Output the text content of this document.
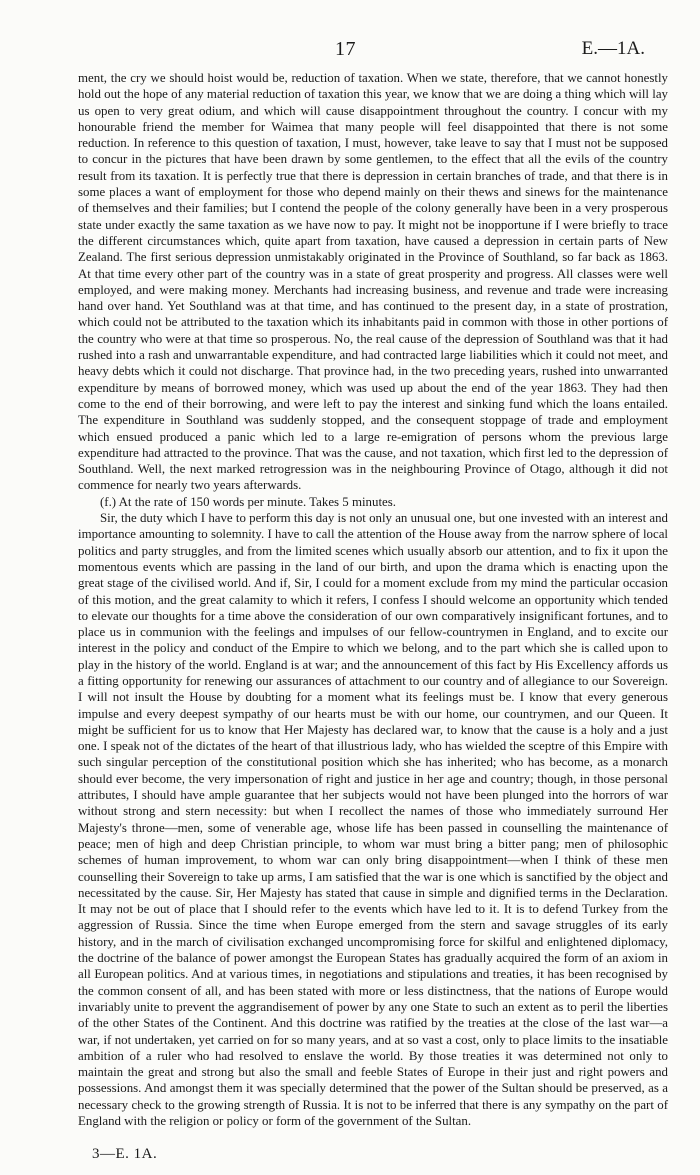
17	E.—1A.

ment, the cry we should hoist would be, reduction of taxation. When we state, therefore, that we cannot honestly hold out the hope of any material reduction of taxation this year, we know that we are doing a thing which will lay us open to very great odium, and which will cause disappointment throughout the country. I concur with my honourable friend the member for Waimea that many people will feel disappointed that there is not some reduction. In reference to this question of taxation, I must, however, take leave to say that I must not be supposed to concur in the pictures that have been drawn by some gentlemen, to the effect that all the evils of the country result from its taxation. It is perfectly true that there is depression in certain branches of trade, and that there is in some places a want of employment for those who depend mainly on their thews and sinews for the maintenance of themselves and their families; but I contend the people of the colony generally have been in a very prosperous state under exactly the same taxation as we have now to pay. It might not be inopportune if I were briefly to trace the different circumstances which, quite apart from taxation, have caused a depression in certain parts of New Zealand. The first serious depression unmistakably originated in the Province of Southland, so far back as 1863. At that time every other part of the country was in a state of great prosperity and progress. All classes were well employed, and were making money. Merchants had increasing business, and revenue and trade were increasing hand over hand. Yet Southland was at that time, and has continued to the present day, in a state of prostration, which could not be attributed to the taxation which its inhabitants paid in common with those in other portions of the country who were at that time so prosperous. No, the real cause of the depression of Southland was that it had rushed into a rash and unwarrantable expenditure, and had contracted large liabilities which it could not meet, and heavy debts which it could not discharge. That province had, in the two preceding years, rushed into unwarranted expenditure by means of borrowed money, which was used up about the end of the year 1863. They had then come to the end of their borrowing, and were left to pay the interest and sinking fund which the loans entailed. The expenditure in Southland was suddenly stopped, and the consequent stoppage of trade and employment which ensued produced a panic which led to a large re-emigration of persons whom the previous large expenditure had attracted to the province. That was the cause, and not taxation, which first led to the depression of Southland. Well, the next marked retrogression was in the neighbouring Province of Otago, although it did not commence for nearly two years afterwards.

(f.) At the rate of 150 words per minute. Takes 5 minutes.

Sir, the duty which I have to perform this day is not only an unusual one, but one invested with an interest and importance amounting to solemnity. I have to call the attention of the House away from the narrow sphere of local politics and party struggles, and from the limited scenes which usually absorb our attention, and to fix it upon the momentous events which are passing in the land of our birth, and upon the drama which is enacting upon the great stage of the civilised world. And if, Sir, I could for a moment exclude from my mind the particular occasion of this motion, and the great calamity to which it refers, I confess I should welcome an opportunity which tended to elevate our thoughts for a time above the consideration of our own comparatively insignificant fortunes, and to place us in communion with the feelings and impulses of our fellow-countrymen in England, and to excite our interest in the policy and conduct of the Empire to which we belong, and to the part which she is called upon to play in the history of the world. England is at war; and the announcement of this fact by His Excellency affords us a fitting opportunity for renewing our assurances of attachment to our country and of allegiance to our Sovereign. I will not insult the House by doubting for a moment what its feelings must be. I know that every generous impulse and every deepest sympathy of our hearts must be with our home, our countrymen, and our Queen. It might be sufficient for us to know that Her Majesty has declared war, to know that the cause is a holy and a just one. I speak not of the dictates of the heart of that illustrious lady, who has wielded the sceptre of this Empire with such singular perception of the constitutional position which she has inherited; who has become, as a monarch should ever become, the very impersonation of right and justice in her age and country; though, in those personal attributes, I should have ample guarantee that her subjects would not have been plunged into the horrors of war without strong and stern necessity: but when I recollect the names of those who immediately surround Her Majesty's throne—men, some of venerable age, whose life has been passed in counselling the maintenance of peace; men of high and deep Christian principle, to whom war must bring a bitter pang; men of philosophic schemes of human improvement, to whom war can only bring disappointment—when I think of these men counselling their Sovereign to take up arms, I am satisfied that the war is one which is sanctified by the object and necessitated by the cause. Sir, Her Majesty has stated that cause in simple and dignified terms in the Declaration. It may not be out of place that I should refer to the events which have led to it. It is to defend Turkey from the aggression of Russia. Since the time when Europe emerged from the stern and savage struggles of its early history, and in the march of civilisation exchanged uncompromising force for skilful and enlightened diplomacy, the doctrine of the balance of power amongst the European States has gradually acquired the form of an axiom in all European politics. And at various times, in negotiations and stipulations and treaties, it has been recognised by the common consent of all, and has been stated with more or less distinctness, that the nations of Europe would invariably unite to prevent the aggrandisement of power by any one State to such an extent as to peril the liberties of the other States of the Continent. And this doctrine was ratified by the treaties at the close of the last war—a war, if not undertaken, yet carried on for so many years, and at so vast a cost, only to place limits to the insatiable ambition of a ruler who had resolved to enslave the world. By those treaties it was determined not only to maintain the great and strong but also the small and feeble States of Europe in their just and right powers and possessions. And amongst them it was specially determined that the power of the Sultan should be preserved, as a necessary check to the growing strength of Russia. It is not to be inferred that there is any sympathy on the part of England with the religion or policy or form of the government of the Sultan.

3—E. 1A.
